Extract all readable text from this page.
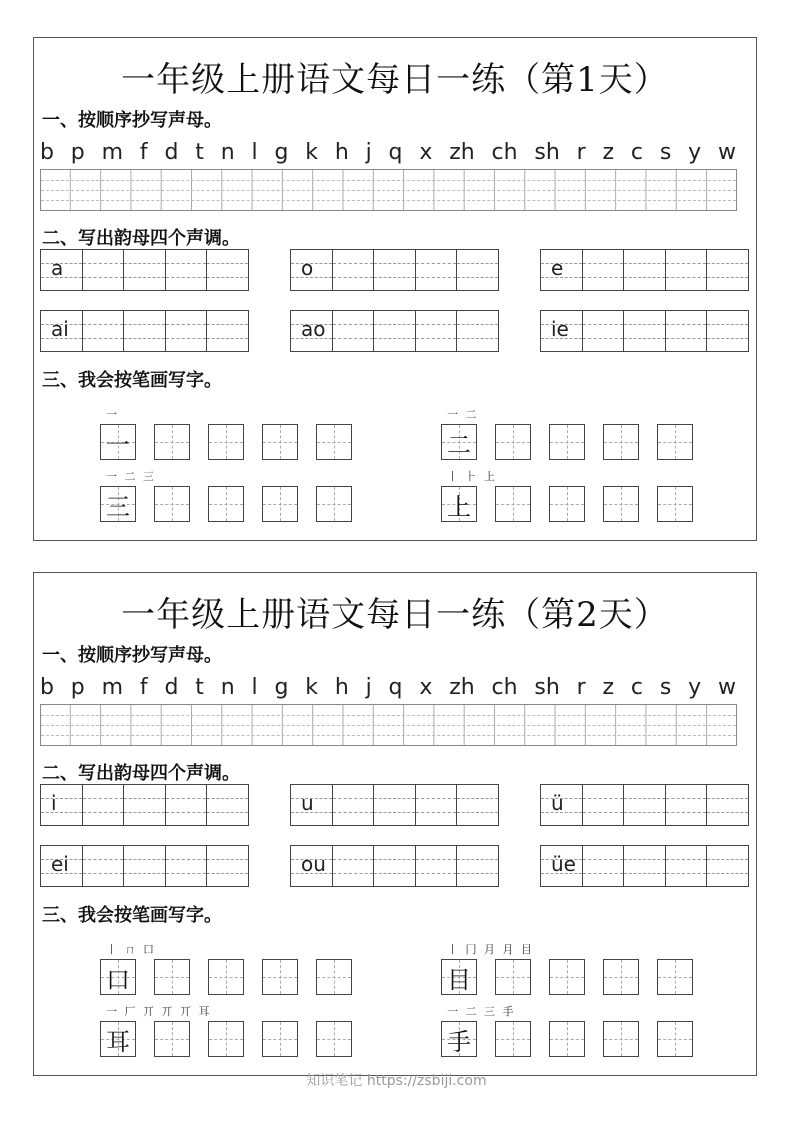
一年级上册语文每日一练（第1天）
一、按顺序抄写声母。
二、写出韵母四个声调。
三、我会按笔画写字。
b p m f d t n l g k h j q x zh ch sh r z c s y w
a	o	e
ai	ao	ie
一
一
一 二
二
一 二 三
三
丨 ⺊ 上
上
一年级上册语文每日一练（第2天）
一、按顺序抄写声母。
二、写出韵母四个声调。
三、我会按笔画写字。
b p m f d t n l g k h j q x zh ch sh r z c s y w
i	u	ü
ei	ou	üe
丨 ㄇ 口
口
丨 冂 月 月 目
目
一 厂 丌 丌 丌 耳
耳
一 二 三 手
手
知识笔记 https://zsbiji.com
